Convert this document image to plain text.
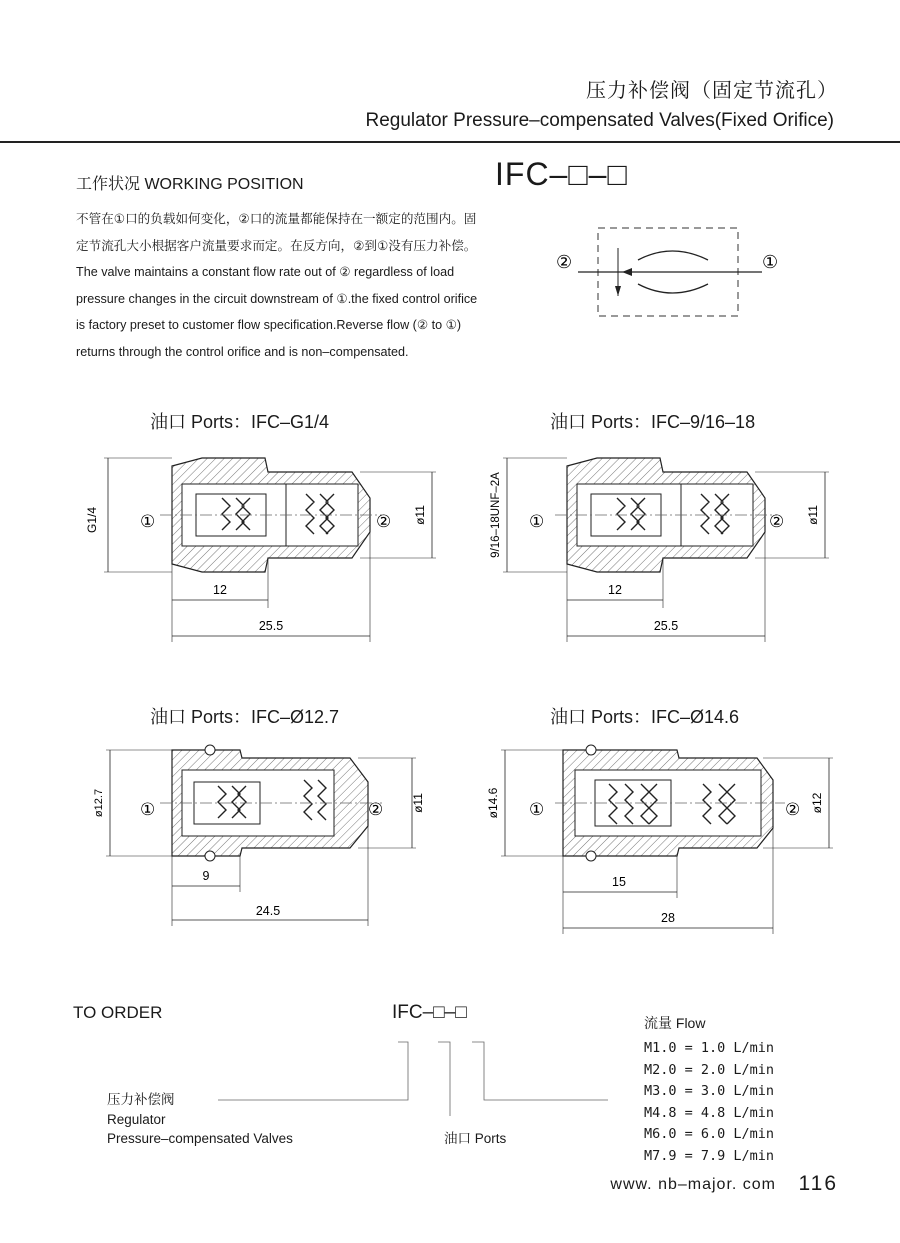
压力补偿阀（固定节流孔）
Regulator Pressure–compensated Valves(Fixed Orifice)
工作状况 WORKING POSITION
不管在①口的负载如何变化，②口的流量都能保持在一额定的范围内。固
定节流孔大小根据客户流量要求而定。在反方向，②到①没有压力补偿。
The valve maintains a constant flow rate out of ② regardless of load
pressure changes in the circuit downstream of ①.the fixed control orifice
is factory preset to customer flow specification.Reverse flow (② to ①)
returns through the control orifice and is non–compensated.
IFC–□–□
②	①
油口 Ports：IFC–G1/4
G1/4	ø11
12
25.5
①	②
油口 Ports：IFC–9/16–18
9/16–18UNF–2A	ø11
12
25.5
①	②
油口 Ports：IFC–Ø12.7
ø12.7	ø11
9
24.5
①	②
油口 Ports：IFC–Ø14.6
ø14.6	ø12
15
28
①	②
TO ORDER	IFC–□–□
压力补偿阀
Regulator
Pressure–compensated Valves	油口 Ports
流量 Flow
M1.0 = 1.0 L/min
M2.0 = 2.0 L/min
M3.0 = 3.0 L/min
M4.8 = 4.8 L/min
M6.0 = 6.0 L/min
M7.9 = 7.9 L/min
www. nb–major. com 116
